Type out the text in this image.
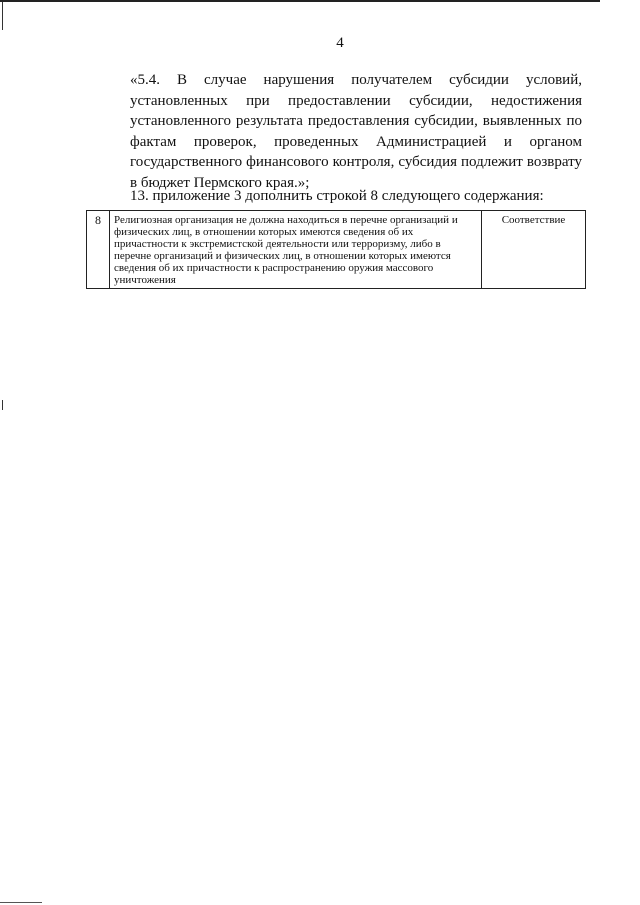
4
«5.4. В случае нарушения получателем субсидии условий, установленных при предоставлении субсидии, недостижения установленного результата предоставления субсидии, выявленных по фактам проверок, проведенных Администрацией и органом государственного финансового контроля, субсидия подлежит возврату в бюджет Пермского края.»;
13. приложение 3 дополнить строкой 8 следующего содержания:
8	Религиозная организация не должна находиться в перечне организаций и физических лиц, в отношении которых имеются сведения об их причастности к экстремистской деятельности или терроризму, либо в перечне организаций и физических лиц, в отношении которых имеются сведения об их причастности к распространению оружия массового уничтожения	Соответствие
